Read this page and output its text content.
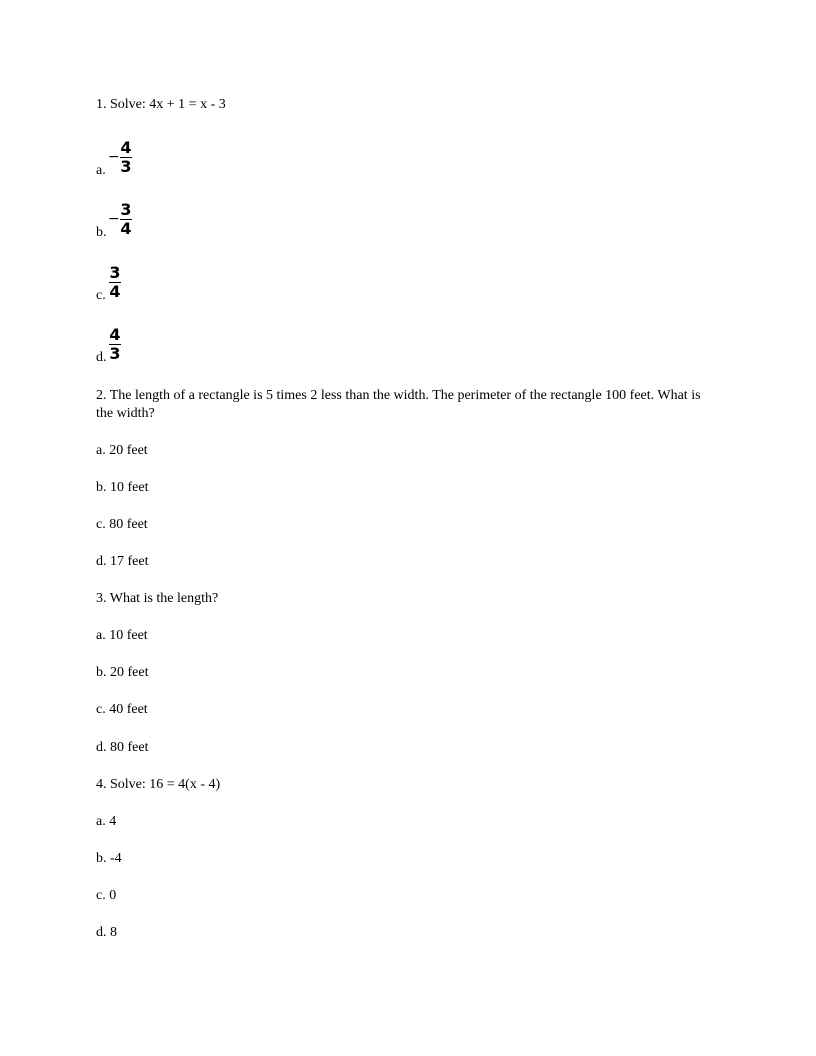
1. Solve: 4x + 1 = x - 3
a.
− 4
3
b.
− 3
4
c.
3
4
d.
4
3
2. The length of a rectangle is 5 times 2 less than the width. The perimeter of the rectangle 100 feet. What is the width?
a. 20 feet
b. 10 feet
c. 80 feet
d. 17 feet
3. What is the length?
a. 10 feet
b. 20 feet
c. 40 feet
d. 80 feet
4. Solve: 16 = 4(x - 4)
a. 4
b. -4
c. 0
d. 8
